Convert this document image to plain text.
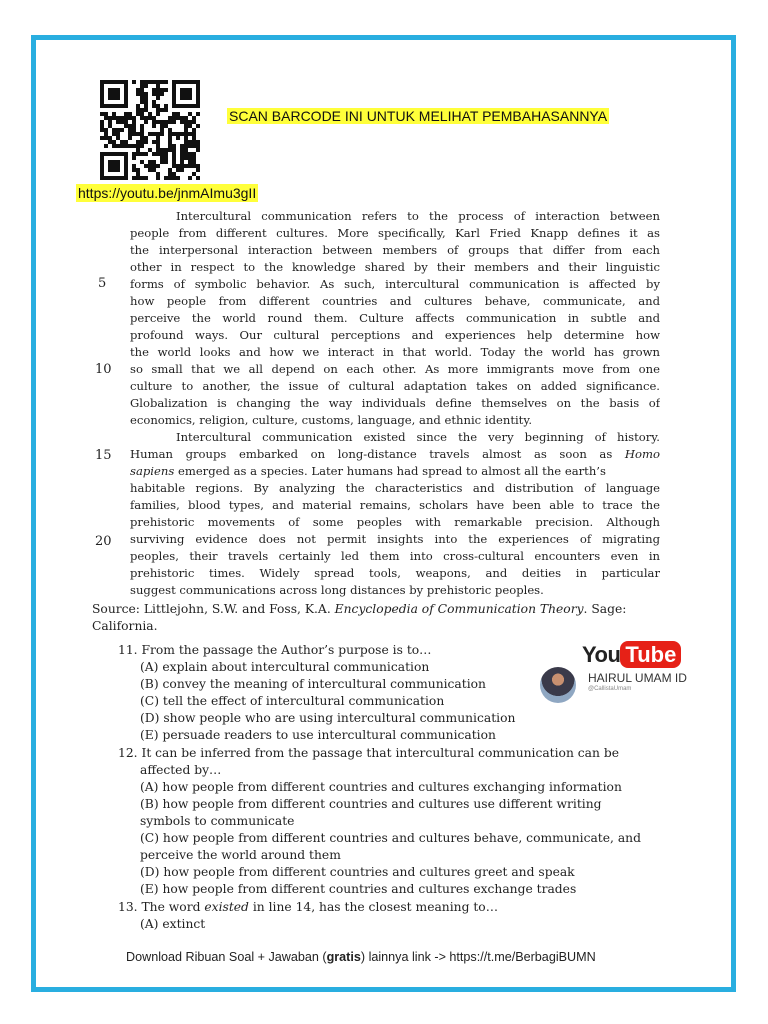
SCAN BARCODE INI UNTUK MELIHAT PEMBAHASANNYA
https://youtu.be/jnmAImu3gII
Intercultural communication refers to the process of interaction between
people from different cultures. More specifically, Karl Fried Knapp defines it as
the interpersonal interaction between members of groups that differ from each
other in respect to the knowledge shared by their members and their linguistic
forms of symbolic behavior. As such, intercultural communication is affected by
how people from different countries and cultures behave, communicate, and
perceive the world round them. Culture affects communication in subtle and
profound ways. Our cultural perceptions and experiences help determine how
the world looks and how we interact in that world. Today the world has grown
so small that we all depend on each other. As more immigrants move from one
culture to another, the issue of cultural adaptation takes on added significance.
Globalization is changing the way individuals define themselves on the basis of
economics, religion, culture, customs, language, and ethnic identity.
Intercultural communication existed since the very beginning of history.
Human groups embarked on long-distance travels almost as soon as Homo
sapiens emerged as a species. Later humans had spread to almost all the earth’s
habitable regions. By analyzing the characteristics and distribution of language
families, blood types, and material remains, scholars have been able to trace the
prehistoric movements of some peoples with remarkable precision. Although
surviving evidence does not permit insights into the experiences of migrating
peoples, their travels certainly led them into cross-cultural encounters even in
prehistoric times. Widely spread tools, weapons, and deities in particular
suggest communications across long distances by prehistoric peoples.
5
10
15
20
Source: Littlejohn, S.W. and Foss, K.A. Encyclopedia of Communication Theory. Sage:
California.
11. From the passage the Author’s purpose is to…
(A) explain about intercultural communication
(B) convey the meaning of intercultural communication
(C) tell the effect of intercultural communication
(D) show people who are using intercultural communication
(E) persuade readers to use intercultural communication
12. It can be inferred from the passage that intercultural communication can be
affected by…
(A) how people from different countries and cultures exchanging information
(B) how people from different countries and cultures use different writing
symbols to communicate
(C) how people from different countries and cultures behave, communicate, and
perceive the world around them
(D) how people from different countries and cultures greet and speak
(E) how people from different countries and cultures exchange trades
13. The word existed in line 14, has the closest meaning to…
(A) extinct
You Tube
HAIRUL UMAM ID
@CallistaUmam
Download Ribuan Soal + Jawaban (gratis) lainnya link -> https://t.me/BerbagiBUMN
